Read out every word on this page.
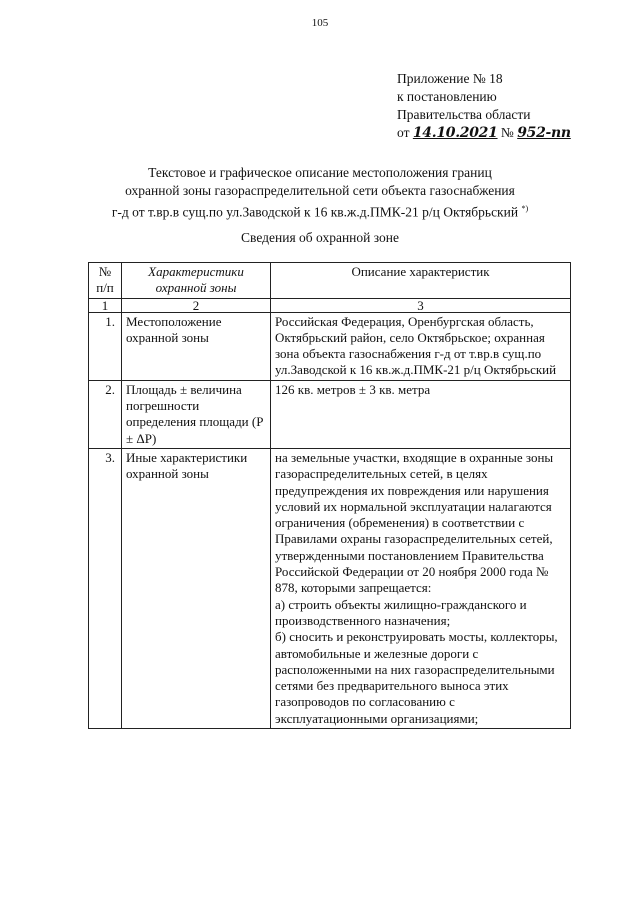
105
Приложение № 18
к постановлению
Правительства области
от 14.10.2021 № 952-пп
Текстовое и графическое описание местоположения границ
охранной зоны газораспределительной сети объекта газоснабжения
г-д от т.вр.в сущ.по ул.Заводской к 16 кв.ж.д.ПМК-21 р/ц Октябрьский *)
Сведения об охранной зоне
№ п/п	Характеристики охранной зоны	Описание характеристик
1	2	3
1.	Местоположение охранной зоны	Российская Федерация, Оренбургская область, Октябрьский район, село Октябрьское; охранная зона объекта газоснабжения г-д от т.вр.в сущ.по ул.Заводской к 16 кв.ж.д.ПМК-21 р/ц Октябрьский
2.	Площадь ± величина погрешности определения площади (P ± ΔP)	126 кв. метров ± 3 кв. метра
3.	Иные характеристики охранной зоны	на земельные участки, входящие в охранные зоны газораспределительных сетей, в целях предупреждения их повреждения или нарушения условий их нормальной эксплуатации налагаются ограничения (обременения) в соответствии с Правилами охраны газораспределительных сетей, утвержденными постановлением Правительства Российской Федерации от 20 ноября 2000 года № 878, которыми запрещается:
а) строить объекты жилищно-гражданского и производственного назначения;
б) сносить и реконструировать мосты, коллекторы, автомобильные и железные дороги с расположенными на них газораспределительными сетями без предварительного выноса этих газопроводов по согласованию с эксплуатационными организациями;
